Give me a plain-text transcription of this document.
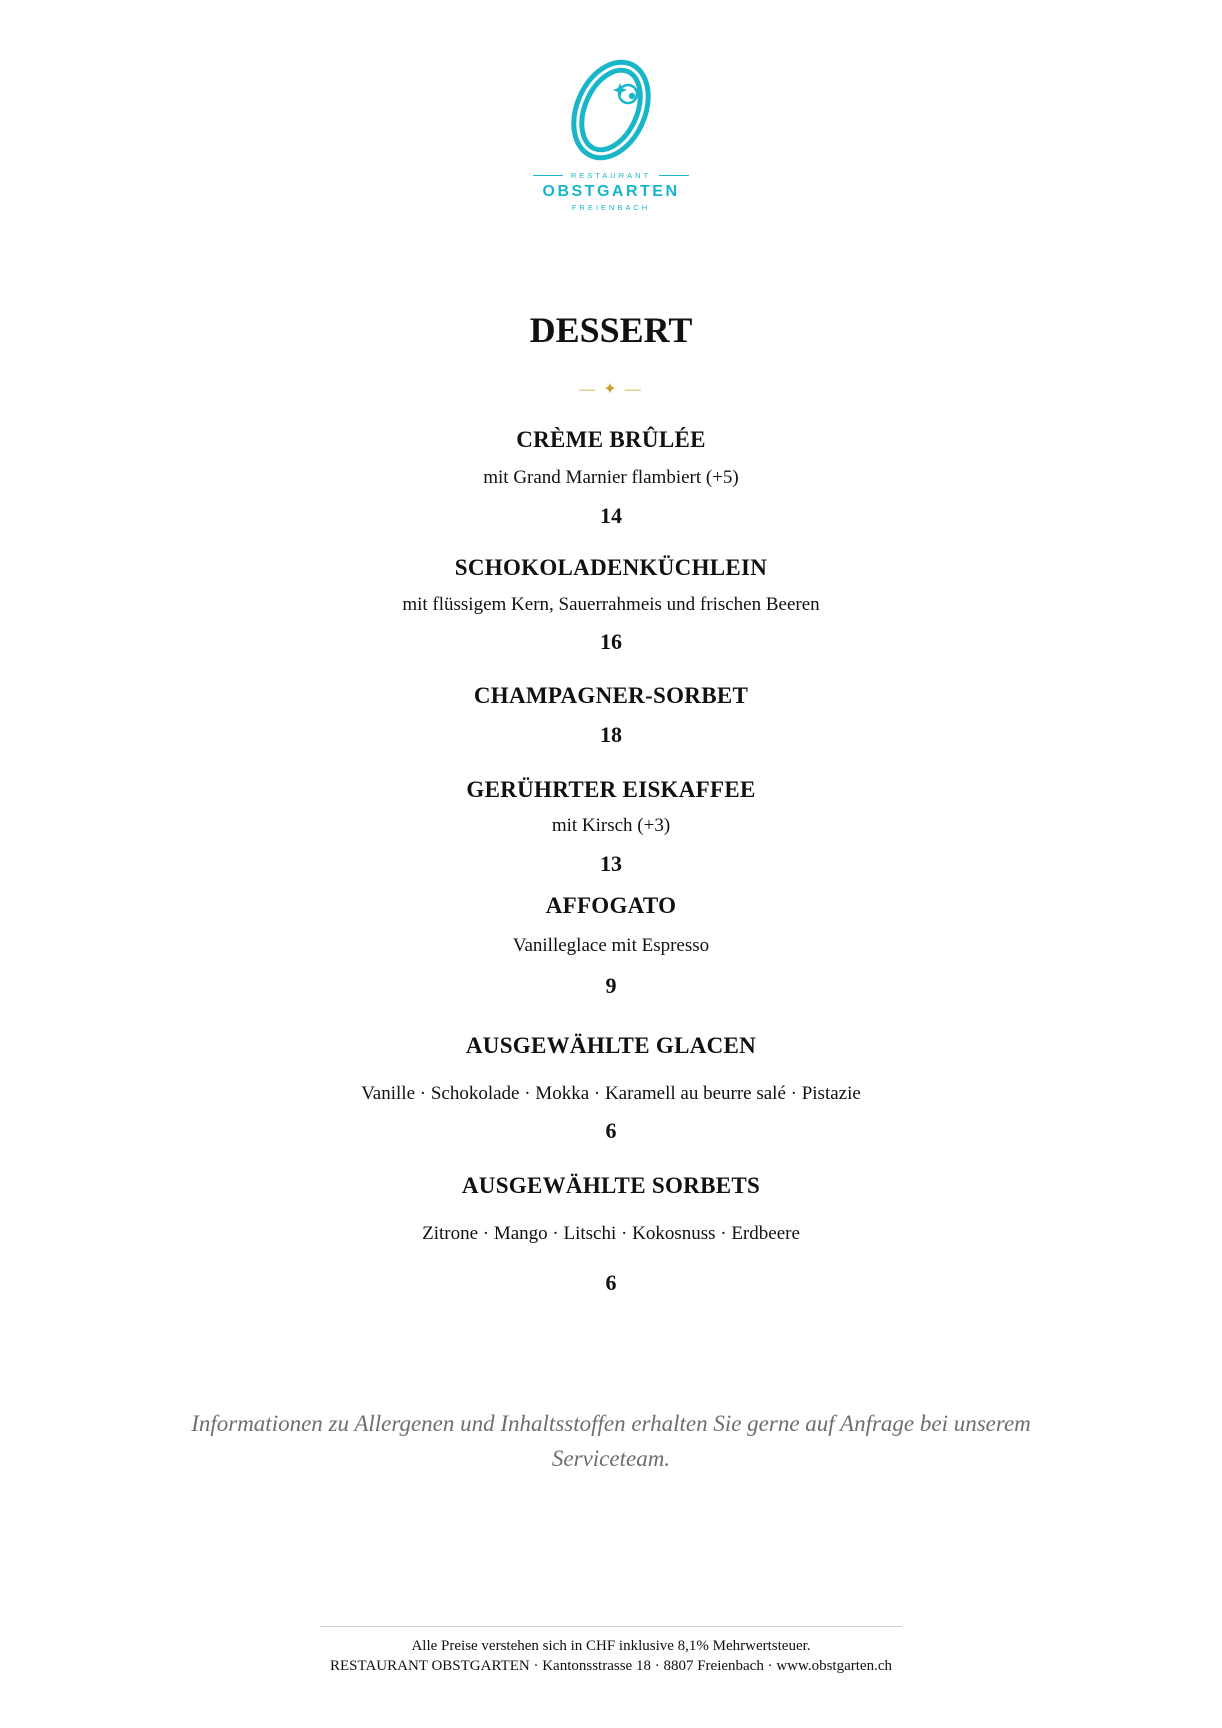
RESTAURANT
OBSTGARTEN
FREIENBACH
DESSERT
— ✦ —
CRÈME BRÛLÉE
mit Grand Marnier flambiert (+5)
14
SCHOKOLADENKÜCHLEIN
mit flüssigem Kern, Sauerrahmeis und frischen Beeren
16
CHAMPAGNER-SORBET
18
GERÜHRTER EISKAFFEE
mit Kirsch (+3)
13
AFFOGATO
Vanilleglace mit Espresso
9
AUSGEWÄHLTE GLACEN
Vanille · Schokolade · Mokka · Karamell au beurre salé · Pistazie
6
AUSGEWÄHLTE SORBETS
Zitrone · Mango · Litschi · Kokosnuss · Erdbeere
6
Informationen zu Allergenen und Inhaltsstoffen erhalten Sie gerne auf Anfrage bei unserem Serviceteam.
Alle Preise verstehen sich in CHF inklusive 8,1% Mehrwertsteuer.
RESTAURANT OBSTGARTEN · Kantonsstrasse 18 · 8807 Freienbach · www.obstgarten.ch
